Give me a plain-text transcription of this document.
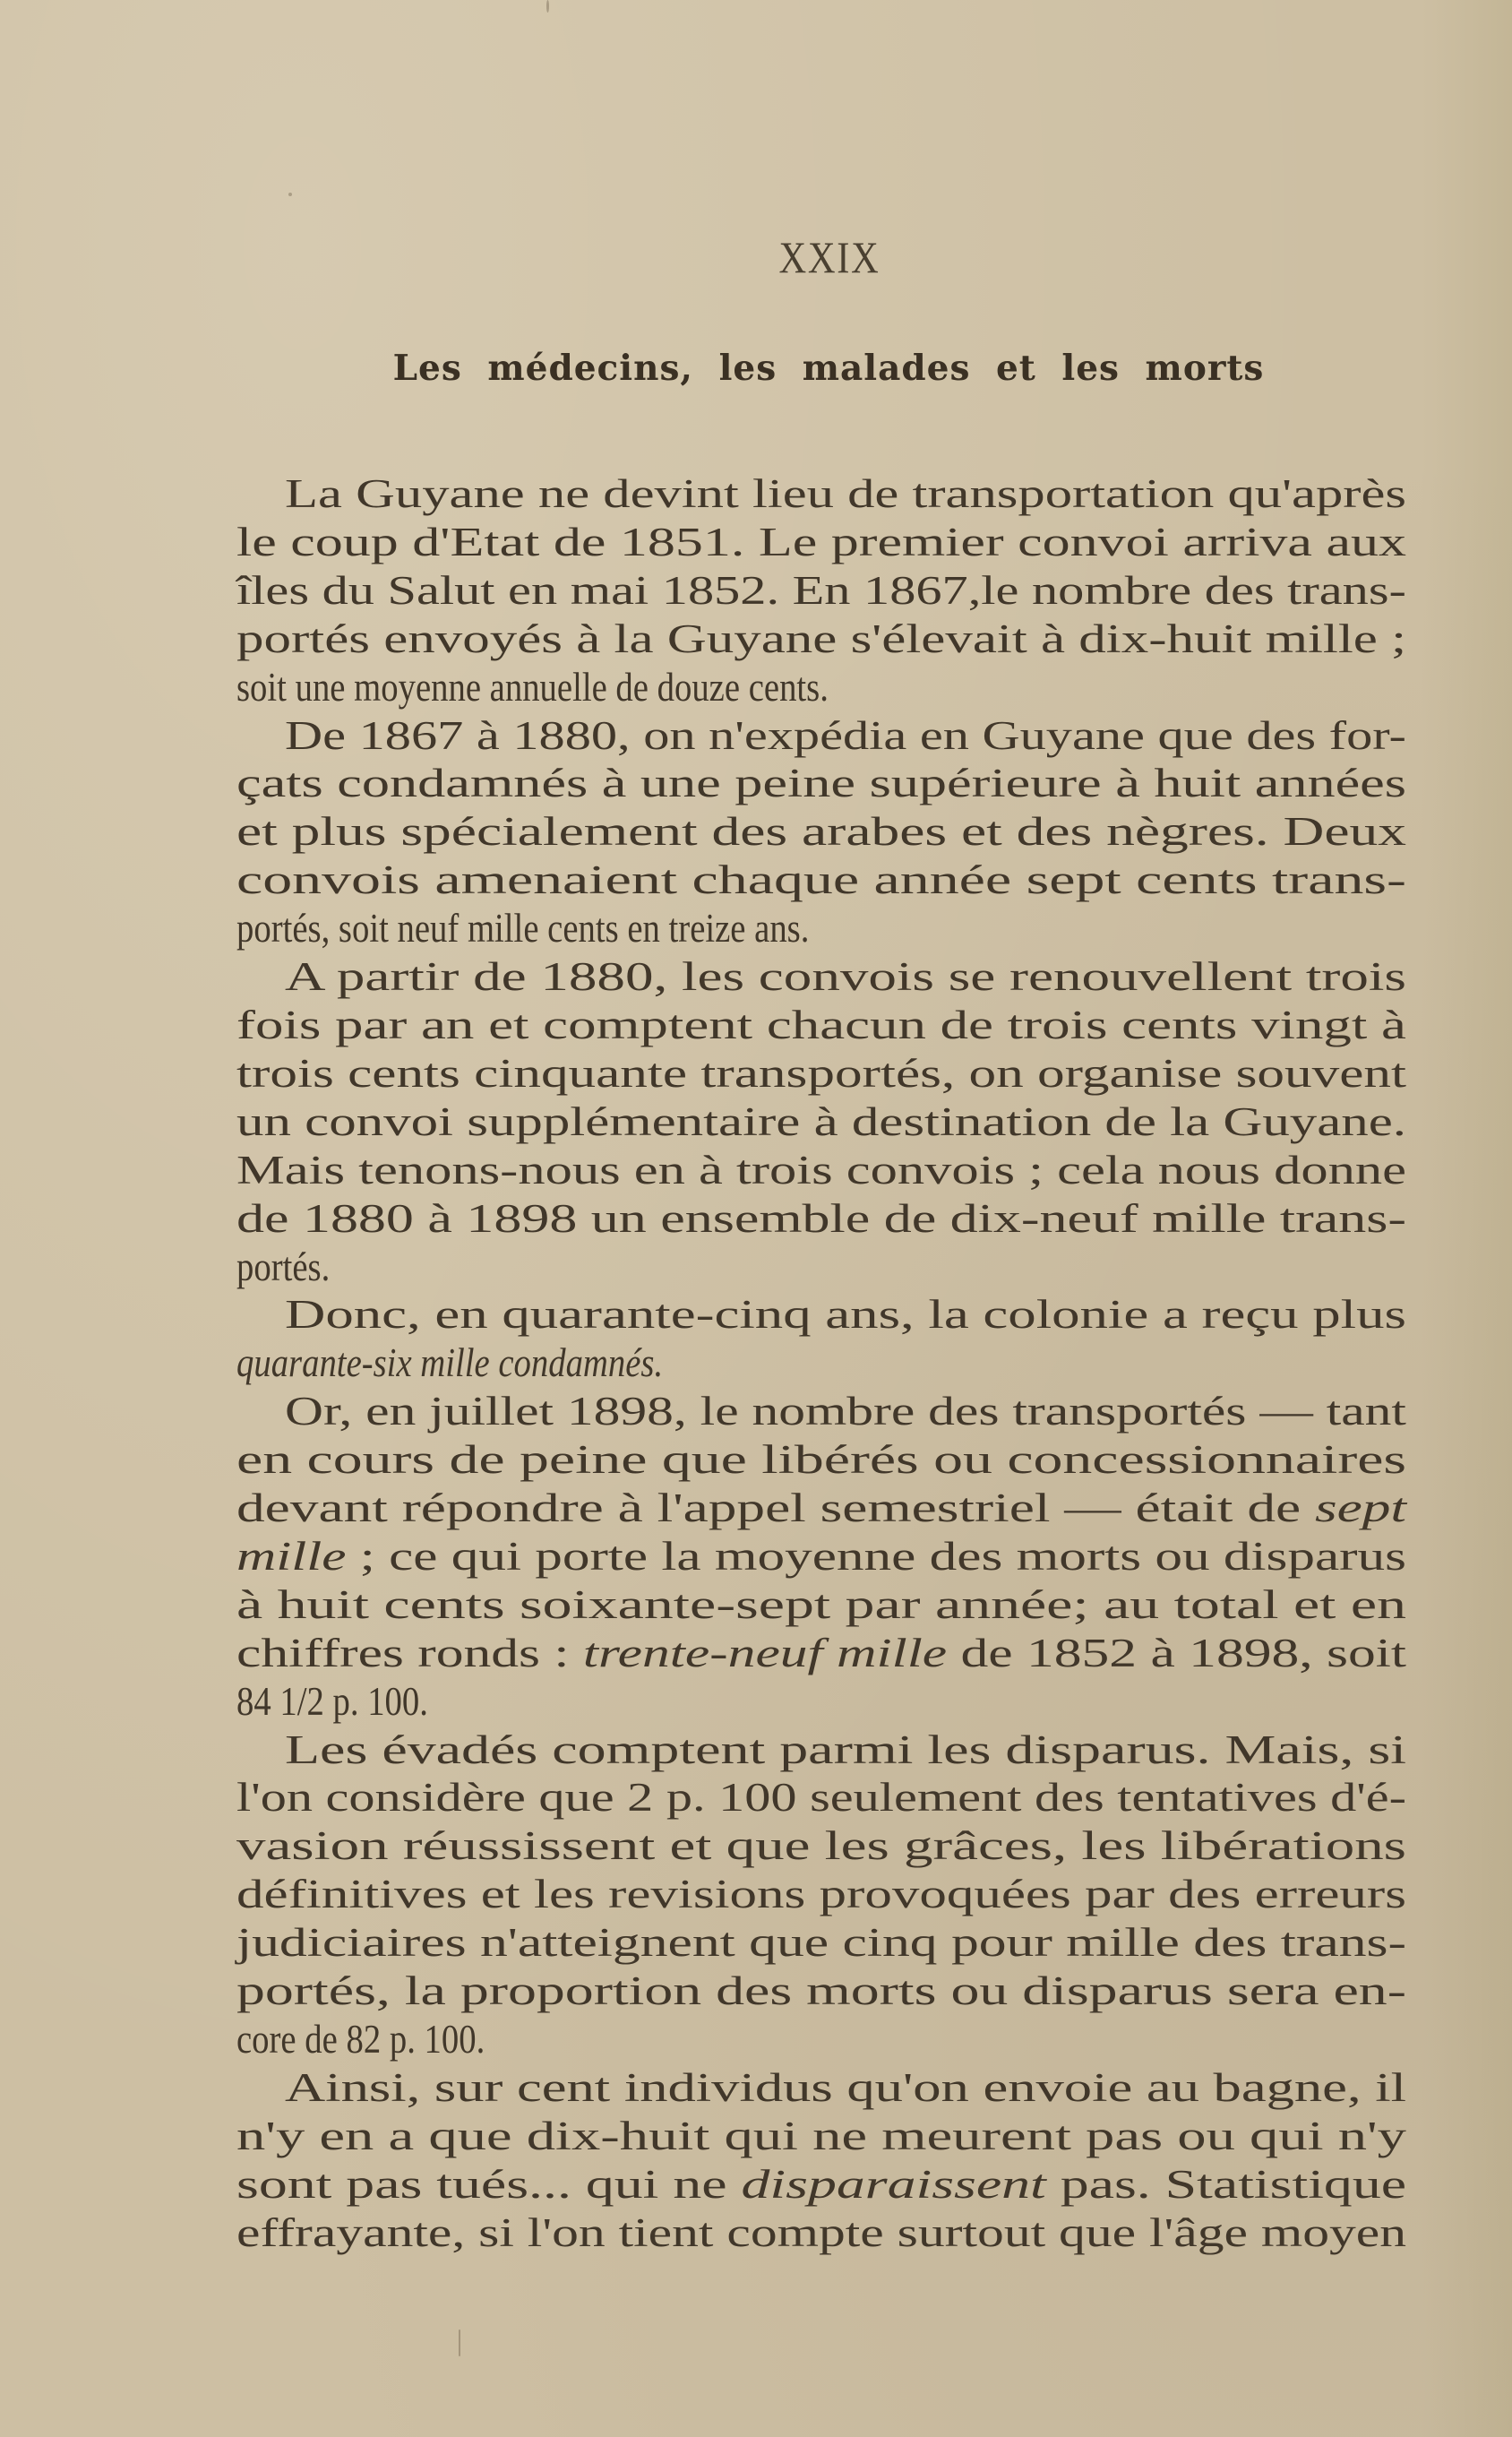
XXIX
Les médecins, les malades et les morts
La Guyane ne devint lieu de transportation qu'après
le coup d'Etat de 1851. Le premier convoi arriva aux
îles du Salut en mai 1852. En 1867,le nombre des trans-
portés envoyés à la Guyane s'élevait à dix-huit mille ;
soit une moyenne annuelle de douze cents.
De 1867 à 1880, on n'expédia en Guyane que des for-
çats condamnés à une peine supérieure à huit années
et plus spécialement des arabes et des nègres. Deux
convois amenaient chaque année sept cents trans-
portés, soit neuf mille cents en treize ans.
A partir de 1880, les convois se renouvellent trois
fois par an et comptent chacun de trois cents vingt à
trois cents cinquante transportés, on organise souvent
un convoi supplémentaire à destination de la Guyane.
Mais tenons-nous en à trois convois ; cela nous donne
de 1880 à 1898 un ensemble de dix-neuf mille trans-
portés.
Donc, en quarante-cinq ans, la colonie a reçu plus
quarante-six mille condamnés.
Or, en juillet 1898, le nombre des transportés — tant
en cours de peine que libérés ou concessionnaires
devant répondre à l'appel semestriel — était de sept
mille ; ce qui porte la moyenne des morts ou disparus
à huit cents soixante-sept par année; au total et en
chiffres ronds : trente-neuf mille de 1852 à 1898, soit
84 1/2 p. 100.
Les évadés comptent parmi les disparus. Mais, si
l'on considère que 2 p. 100 seulement des tentatives d'é-
vasion réussissent et que les grâces, les libérations
définitives et les revisions provoquées par des erreurs
judiciaires n'atteignent que cinq pour mille des trans-
portés, la proportion des morts ou disparus sera en-
core de 82 p. 100.
Ainsi, sur cent individus qu'on envoie au bagne, il
n'y en a que dix-huit qui ne meurent pas ou qui n'y
sont pas tués... qui ne disparaissent pas. Statistique
effrayante, si l'on tient compte surtout que l'âge moyen
